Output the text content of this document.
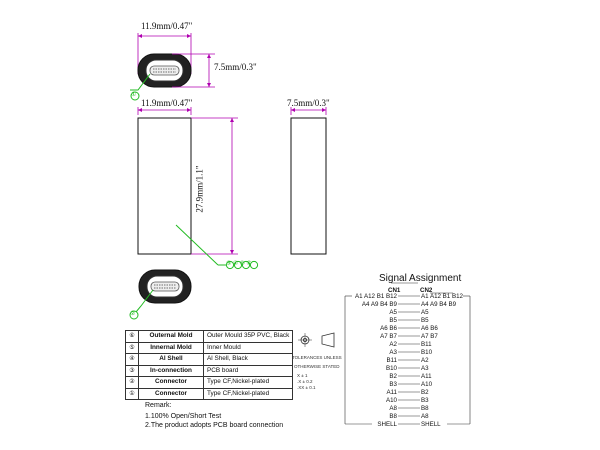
11.9mm/0.47"
7.5mm/0.3"
11.9mm/0.47"
27.9mm/1.1"
7.5mm/0.3"
①
③④⑤⑥
②
⑥	Outernal Mold	Outer Mould 35P PVC, Black
⑤	Innernal Mold	Inner Mould
④	Al Shell	Al Shell, Black
③	In-connection	PCB board
②	Connector	Type CF,Nickel-plated
①	Connector	Type CF,Nickel-plated
TOLERANCES UNLESS
OTHERWISE STATED
X ± 1
.X ± 0.2
.XX ± 0.1
Remark:
1.100% Open/Short Test
2.The product adopts PCB board connection
Signal Assignment
CN1	CN2
A1 A12 B1 B12	A1 A12 B1 B12
A4 A9 B4 B9	A4 A9 B4 B9
A5	A5
B5	B5
A6 B6	A6 B6
A7 B7	A7 B7
A2	B11
A3	B10
B11	A2
B10	A3
B2	A11
B3	A10
A11	B2
A10	B3
A8	B8
B8	A8
SHELL	SHELL
